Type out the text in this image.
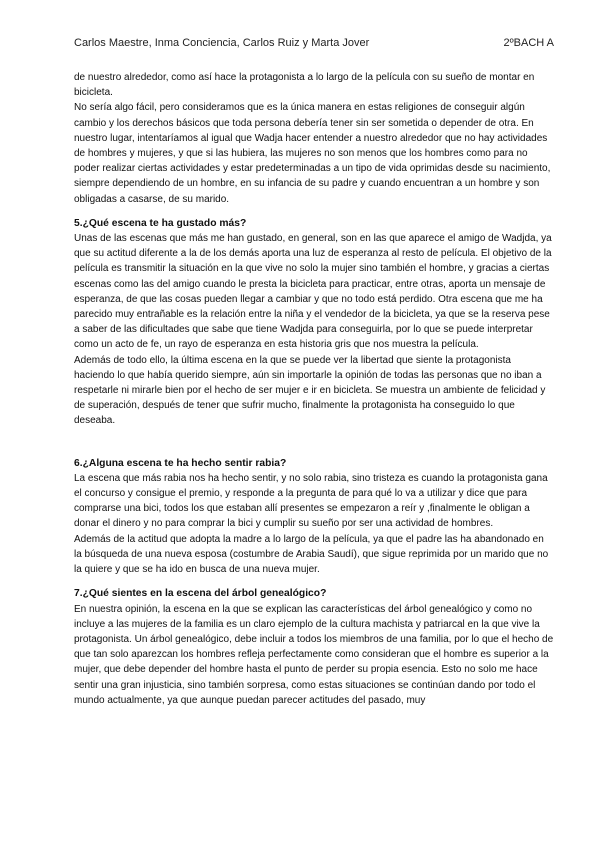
Carlos Maestre, Inma Conciencia, Carlos Ruiz y Marta Jover	2ºBACH A

de nuestro alrededor, como así hace la protagonista a lo largo de la película con su sueño de montar en bicicleta.

No sería algo fácil, pero consideramos que es la única manera en estas religiones de conseguir algún cambio y los derechos básicos que toda persona debería tener sin ser sometida o depender de otra. En nuestro lugar, intentaríamos al igual que Wadja hacer entender a nuestro alrededor que no hay actividades de hombres y mujeres, y que si las hubiera, las mujeres no son menos que los hombres como para no poder realizar ciertas actividades y estar predeterminadas a un tipo de vida oprimidas desde su nacimiento, siempre dependiendo de un hombre, en su infancia de su padre y cuando encuentran a un hombre y son obligadas a casarse, de su marido.

5.¿Qué escena te ha gustado más?

Unas de las escenas que más me han gustado, en general, son en las que aparece el amigo de Wadjda, ya que su actitud diferente a la de los demás aporta una luz de esperanza al resto de película. El objetivo de la película es transmitir la situación en la que vive no solo la mujer sino también el hombre, y gracias a ciertas escenas como las del amigo cuando le presta la bicicleta para practicar, entre otras, aporta un mensaje de esperanza, de que las cosas pueden llegar a cambiar y que no todo está perdido. Otra escena que me ha parecido muy entrañable es la relación entre la niña y el vendedor de la bicicleta, ya que se la reserva pese a saber de las dificultades que sabe que tiene Wadjda para conseguirla, por lo que se puede interpretar como un acto de fe, un rayo de esperanza en esta historia gris que nos muestra la película.

Además de todo ello, la última escena en la que se puede ver la libertad que siente la protagonista haciendo lo que había querido siempre, aún sin importarle la opinión de todas las personas que no iban a respetarle ni mirarle bien por el hecho de ser mujer e ir en bicicleta. Se muestra un ambiente de felicidad y de superación, después de tener que sufrir mucho, finalmente la protagonista ha conseguido lo que deseaba.

6.¿Alguna escena te ha hecho sentir rabia?

La escena que más rabia nos ha hecho sentir, y no solo rabia, sino tristeza es cuando la protagonista gana el concurso y consigue el premio, y responde a la pregunta de para qué lo va a utilizar y dice que para comprarse una bici, todos los que estaban allí presentes se empezaron a reír y ,finalmente le obligan a donar el dinero y no para comprar la bici y cumplir su sueño por ser una actividad de hombres.

Además de la actitud que adopta la madre a lo largo de la película, ya que el padre las ha abandonado en la búsqueda de una nueva esposa (costumbre de Arabia Saudí), que sigue reprimida por un marido que no la quiere y que se ha ido en busca de una nueva mujer.

7.¿Qué sientes en la escena del árbol genealógico?

En nuestra opinión, la escena en la que se explican las características del árbol genealógico y como no incluye a las mujeres de la familia es un claro ejemplo de la cultura machista y patriarcal en la que vive la protagonista. Un árbol genealógico, debe incluir a todos los miembros de una familia, por lo que el hecho de que tan solo aparezcan los hombres refleja perfectamente como consideran que el hombre es superior a la mujer, que debe depender del hombre hasta el punto de perder su propia esencia. Esto no solo me hace sentir una gran injusticia, sino también sorpresa, como estas situaciones se continúan dando por todo el mundo actualmente, ya que aunque puedan parecer actitudes del pasado, muy
